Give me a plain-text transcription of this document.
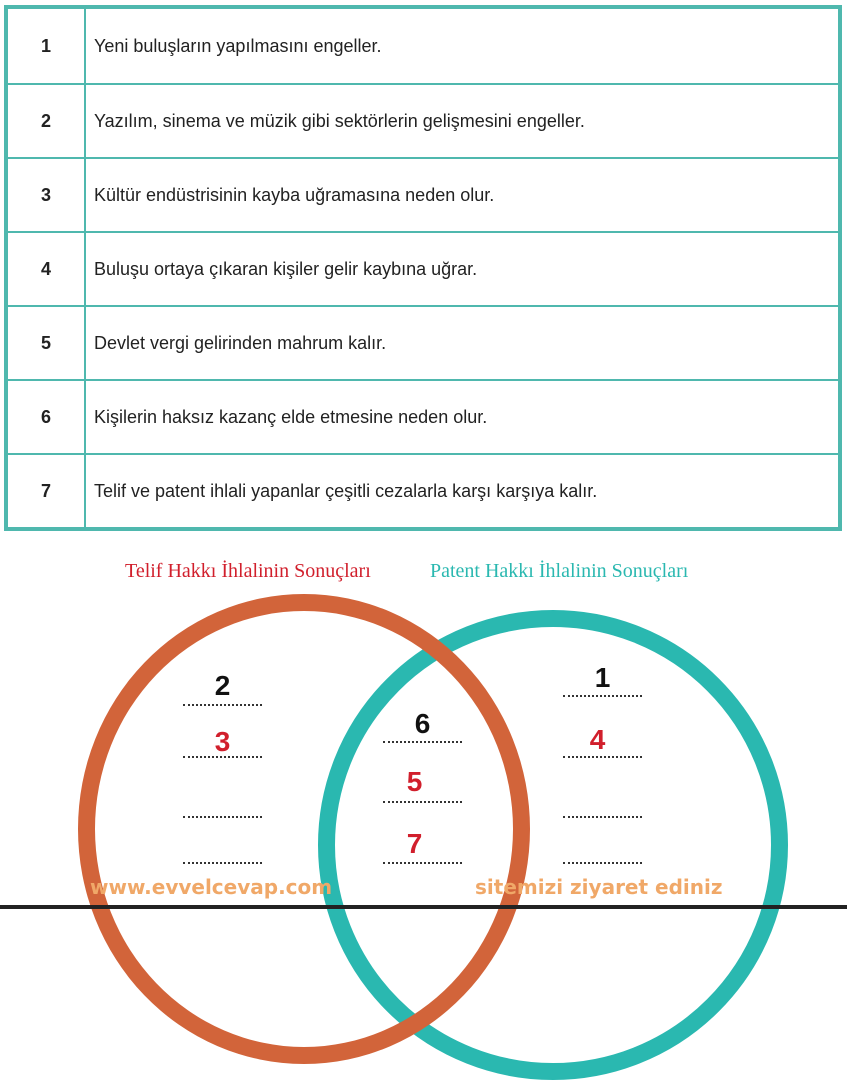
1	Yeni buluşların yapılmasını engeller.
2	Yazılım, sinema ve müzik gibi sektörlerin gelişmesini engeller.
3	Kültür endüstrisinin kayba uğramasına neden olur.
4	Buluşu ortaya çıkaran kişiler gelir kaybına uğrar.
5	Devlet vergi gelirinden mahrum kalır.
6	Kişilerin haksız kazanç elde etmesine neden olur.
7	Telif ve patent ihlali yapanlar çeşitli cezalarla karşı karşıya kalır.
Telif Hakkı İhlalinin Sonuçları	Patent Hakkı İhlalinin Sonuçları
2
3
6
5
7
1
4
www.evvelcevap.com	sitemizi ziyaret ediniz
